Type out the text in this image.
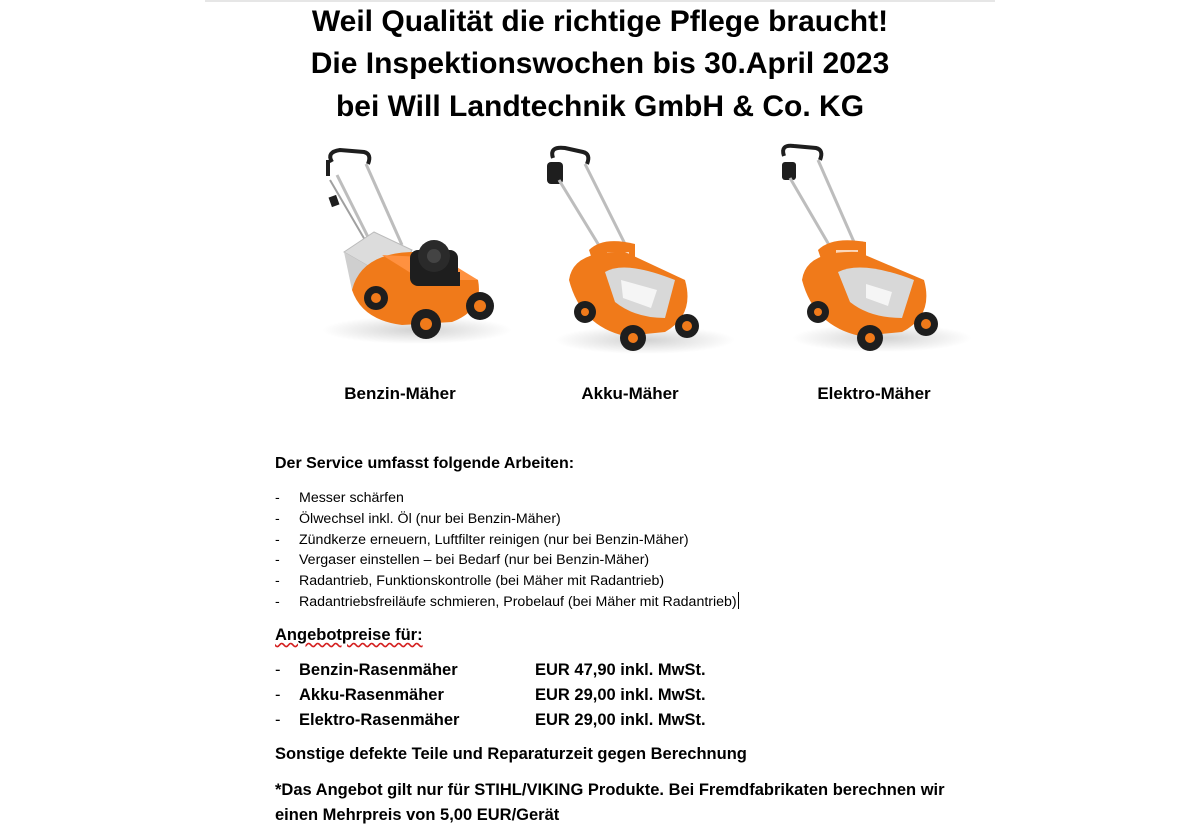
Weil Qualität die richtige Pflege braucht!
Die Inspektionswochen bis 30.April 2023
bei Will Landtechnik GmbH & Co. KG
Benzin-Mäher	Akku-Mäher	Elektro-Mäher
Der Service umfasst folgende Arbeiten:
- Messer schärfen
- Ölwechsel inkl. Öl (nur bei Benzin-Mäher)
- Zündkerze erneuern, Luftfilter reinigen (nur bei Benzin-Mäher)
- Vergaser einstellen – bei Bedarf (nur bei Benzin-Mäher)
- Radantrieb, Funktionskontrolle (bei Mäher mit Radantrieb)
- Radantriebsfreiläufe schmieren, Probelauf (bei Mäher mit Radantrieb)
Angebotpreise für:
- Benzin-Rasenmäher	EUR 47,90 inkl. MwSt.
- Akku-Rasenmäher	EUR 29,00 inkl. MwSt.
- Elektro-Rasenmäher	EUR 29,00 inkl. MwSt.
Sonstige defekte Teile und Reparaturzeit gegen Berechnung
*Das Angebot gilt nur für STIHL/VIKING Produkte. Bei Fremdfabrikaten berechnen wir einen Mehrpreis von 5,00 EUR/Gerät
